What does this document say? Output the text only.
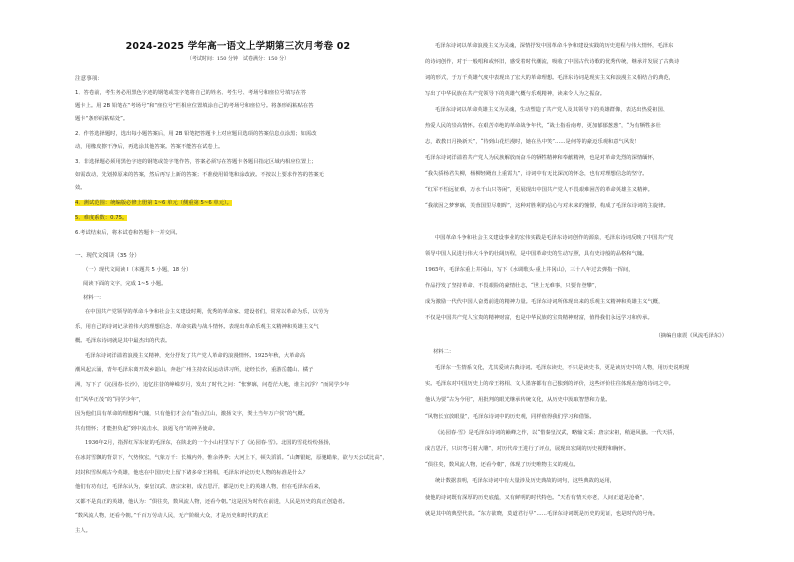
2024-2025 学年高一语文上学期第三次月考卷 02
（考试时间：150 分钟　试卷满分：150 分）
注意事项：
1．答卷前，考生务必用黑色字迹的钢笔或签字笔将自己的姓名、考生号、考场号和座位号填写在答
题卡上。用 2B 铅笔在“考场号”和“座位号”栏相应位置填涂自己的考场号和座位号。将条形码粘贴在答
题卡“条形码粘贴处”。
2．作答选择题时，选出每小题答案后，用 2B 铅笔把答题卡上对应题目选项的答案信息点涂黑；如需改
动，用橡皮擦干净后，再选涂其他答案。答案不能答在试卷上。
3．非选择题必须用黑色字迹的钢笔或签字笔作答，答案必须写在答题卡各题目指定区域内相应位置上；
如需改动，先划掉原来的答案，然后再写上新的答案；不准使用铅笔和涂改液。不按以上要求作答的答案无
效。
4．测试范围：统编版必修上册第 1~6 单元（侧重第 5~6 单元）。
5．难度系数：0.75。
6.考试结束后，将本试卷和答题卡一并交回。
一、现代文阅读（35 分）
（一）现代文阅读 I（本题共 5 小题，18 分）
阅读下面的文字，完成 1~5 小题。
材料一：
在中国共产党领导的革命斗争和社会主义建设时期，优秀的革命家、建设者们，常常以革命为乐，以劳为
乐，用自己的诗词记录着伟大的理想信念、革命实践与战斗情怀。表现出革命乐观主义精神和英雄主义气
概。毛泽东诗词就是其中最杰出的代表。
毛泽东诗词洋溢着浪漫主义精神，充分抒发了共产党人革命的浪漫情怀。1925年秋，大革命高
潮风起云涌，青年毛泽东离开故乡韶山，奔赴广州主持农民运动讲习所，途经长沙，重游岳麓山、橘子
洲，写下了《沁园春·长沙》，追忆往昔的峥嵘岁月，发出了时代之问：“怅寥廓，问苍茫大地，谁主沉浮？”而同学少年
们“风华正茂”的“同学少年”，
因为他们具有革命的理想和气魄，只有他们才会有“指点江山，激扬文字，粪土当年万户侯”的气概。
共有情怀；才能担负起“到中流击水，浪遏飞舟”的神圣使命。
1936年2月，指挥红军东征的毛泽东，在陕北的一个小山村里写下了《沁园春·雪》。北国的雪花纷纷扬扬，
在冰封雪飘的背景下，气势恢宏，气象万千：长城内外，惟余莽莽；大河上下，顿失滔滔。“山舞银蛇，原驰蜡象，欲与天公试比高”，
封封积雪纵观古今英雄，他也在中国历史上留下诸多帝王将相，毛泽东评论历史人物的标准是什么？
他们有功有过，毛泽东认为，秦皇汉武、唐宗宋祖，成吉思汗，都是历史上的英雄人物，但在毛泽东看来，
又都不是真正的英雄，他认为：“俱往矣，数风流人物，还看今朝。”这是因为时代在前进，人民是历史的真正创造者。
“数风流人物，还看今朝。”千百万劳动人民，无产阶级大众，才是历史和时代的真正
主人。
毛泽东诗词以革命浪漫主义为灵魂，深情抒发中国革命斗争和建设实践的历史进程与伟大情怀，毛泽东
的诗词创作，对于一般唱和或怀旧，感受着时代潮流，吸收了中国古代诗歌的优秀传统，继承并发展了古典诗
词的形式，于万千英雄气度中表现出了宏大的革命理想。毛泽东诗词是现实主义和浪漫主义相结合的典范，
写出了中华民族在共产党领导下的英雄气概与乐观精神，读来令人为之振奋。
毛泽东诗词以革命英雄主义为灵魂，生动塑造了共产党人及其领导下的英雄群像，表达出热爱祖国、
热爱人民的崇高情怀。在艰苦卓绝的革命战争年代，“战士指看南粤，更加郁郁葱葱”，“为有牺牲多壮
志，敢教日月换新天”，“待到山花烂漫时，她在丛中笑”……是何等的豪迈乐观和意气风发！
毛泽东诗词洋溢着共产党人为民族解放而奋斗的牺牲精神和奉献精神，也是对革命先烈的深情缅怀，
“我失骄杨君失柳，杨柳轻飏直上重霄九”，诗词中有无比深沉的怀念，也有对理想信念的坚守。
“红军不怕远征难，万水千山只等闲”，更展现出中国共产党人不畏艰难困苦的革命英雄主义精神。
“我欲因之梦寥廓，芙蓉国里尽朝晖”，这种对胜利的信心与对未来的憧憬，构成了毛泽东诗词的主旋律。
中国革命斗争和社会主义建设事业的宏伟实践是毛泽东诗词创作的源泉，毛泽东诗词反映了中国共产党
领导中国人民进行伟大斗争的壮阔历程，是中国革命史的生动写照，具有史诗般的品格和气魄。
1965年，毛泽东重上井冈山，写下《水调歌头·重上井冈山》，三十八年过去弹指一挥间，
作品抒发了坚持革命、不畏艰险的豪情壮志，“世上无难事，只要肯登攀”，
成为激励一代代中国人奋勇前进的精神力量。毛泽东诗词所体现出来的乐观主义精神和英雄主义气概，
不仅是中国共产党人宝贵的精神财富，也是中华民族的宝贵精神财富，值得我们永远学习和传承。
（摘编自康震《风流毛泽东》）
材料二：
毛泽东一生情系文化，尤其爱读古典诗词。毛泽东读史，不只是读史书，更是读历史中的人物，用历史说明现
实。毛泽东对中国历史上的帝王将相、文人墨客都有自己独到的评价，这些评价往往体现在他的诗词之中。
他认为要“古为今用”，用批判的眼光继承传统文化，从历史中汲取智慧和力量。
“风物长宜放眼量”，毛泽东诗词中的历史观，同样值得我们学习和借鉴。
《沁园春·雪》是毛泽东诗词的巅峰之作，以“惜秦皇汉武，略输文采；唐宗宋祖，稍逊风骚。一代天骄，
成吉思汗，只识弯弓射大雕”，对历代帝王进行了评点，展现出宏阔的历史视野和胸怀。
“俱往矣，数风流人物，还看今朝”，体现了历史唯物主义的观点。
统计数据表明，毛泽东诗词中有大量涉及历史典故的词句，这些典故的运用，
使他的诗词既有深厚的历史底蕴，又有鲜明的时代特色。“天若有情天亦老，人间正道是沧桑”，
就是其中的典型代表。“东方欲晓，莫道君行早”……毛泽东诗词既是历史的见证，也是时代的号角。
